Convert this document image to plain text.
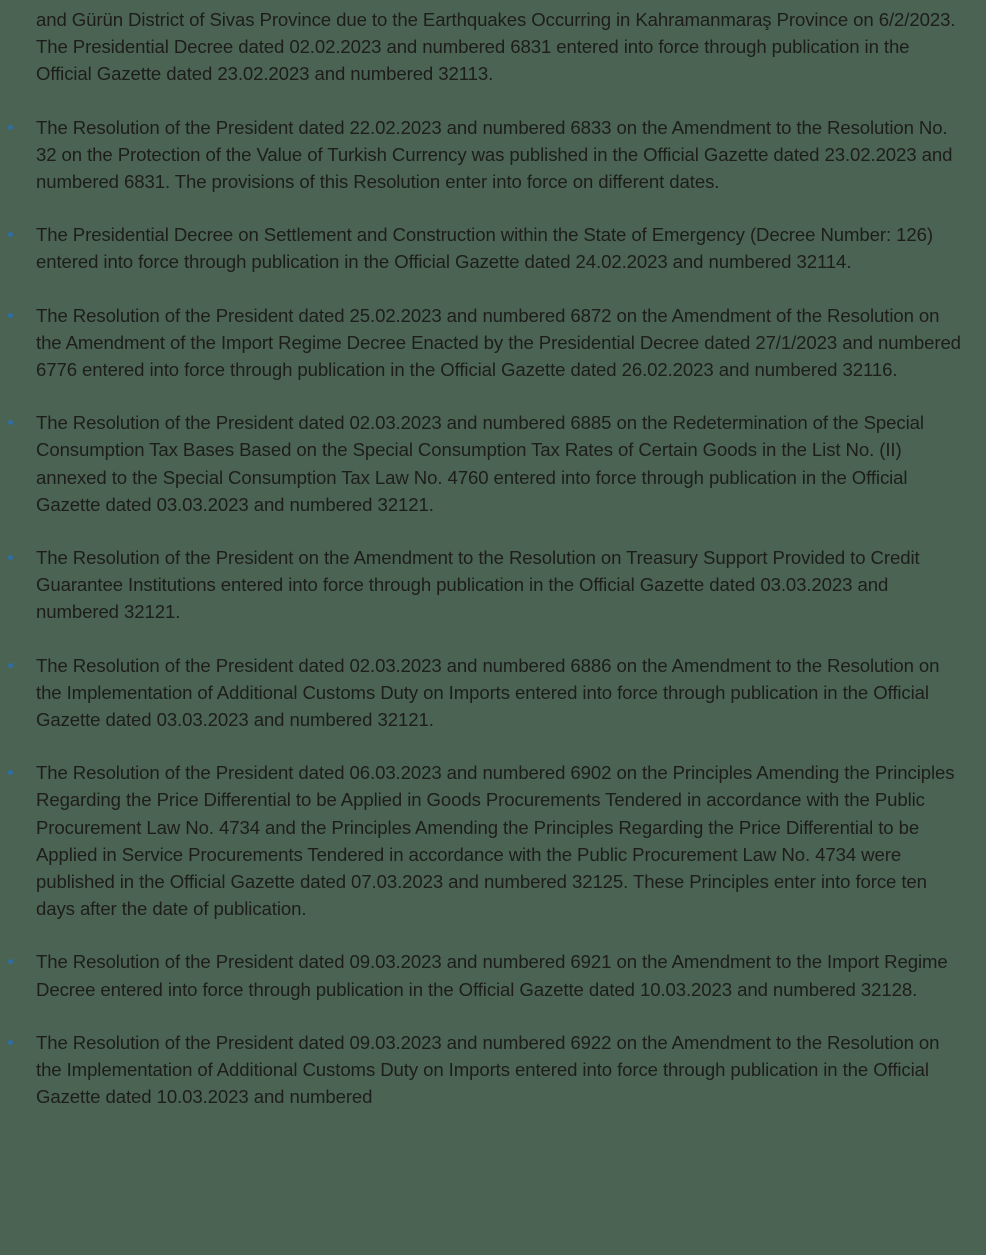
and Gürün District of Sivas Province due to the Earthquakes Occurring in Kahramanmaraş Province on 6/2/2023. The Presidential Decree dated 02.02.2023 and numbered 6831 entered into force through publication in the Official Gazette dated 23.02.2023 and numbered 32113.

The Resolution of the President dated 22.02.2023 and numbered 6833 on the Amendment to the Resolution No. 32 on the Protection of the Value of Turkish Currency was published in the Official Gazette dated 23.02.2023 and numbered 6831. The provisions of this Resolution enter into force on different dates.
The Presidential Decree on Settlement and Construction within the State of Emergency (Decree Number: 126) entered into force through publication in the Official Gazette dated 24.02.2023 and numbered 32114.
The Resolution of the President dated 25.02.2023 and numbered 6872 on the Amendment of the Resolution on the Amendment of the Import Regime Decree Enacted by the Presidential Decree dated 27/1/2023 and numbered 6776 entered into force through publication in the Official Gazette dated 26.02.2023 and numbered 32116.
The Resolution of the President dated 02.03.2023 and numbered 6885 on the Redetermination of the Special Consumption Tax Bases Based on the Special Consumption Tax Rates of Certain Goods in the List No. (II) annexed to the Special Consumption Tax Law No. 4760 entered into force through publication in the Official Gazette dated 03.03.2023 and numbered 32121.
The Resolution of the President on the Amendment to the Resolution on Treasury Support Provided to Credit Guarantee Institutions entered into force through publication in the Official Gazette dated 03.03.2023 and numbered 32121.
The Resolution of the President dated 02.03.2023 and numbered 6886 on the Amendment to the Resolution on the Implementation of Additional Customs Duty on Imports entered into force through publication in the Official Gazette dated 03.03.2023 and numbered 32121.
The Resolution of the President dated 06.03.2023 and numbered 6902 on the Principles Amending the Principles Regarding the Price Differential to be Applied in Goods Procurements Tendered in accordance with the Public Procurement Law No. 4734 and the Principles Amending the Principles Regarding the Price Differential to be Applied in Service Procurements Tendered in accordance with the Public Procurement Law No. 4734 were published in the Official Gazette dated 07.03.2023 and numbered 32125. These Principles enter into force ten days after the date of publication.
The Resolution of the President dated 09.03.2023 and numbered 6921 on the Amendment to the Import Regime Decree entered into force through publication in the Official Gazette dated 10.03.2023 and numbered 32128.
The Resolution of the President dated 09.03.2023 and numbered 6922 on the Amendment to the Resolution on the Implementation of Additional Customs Duty on Imports entered into force through publication in the Official Gazette dated 10.03.2023 and numbered
